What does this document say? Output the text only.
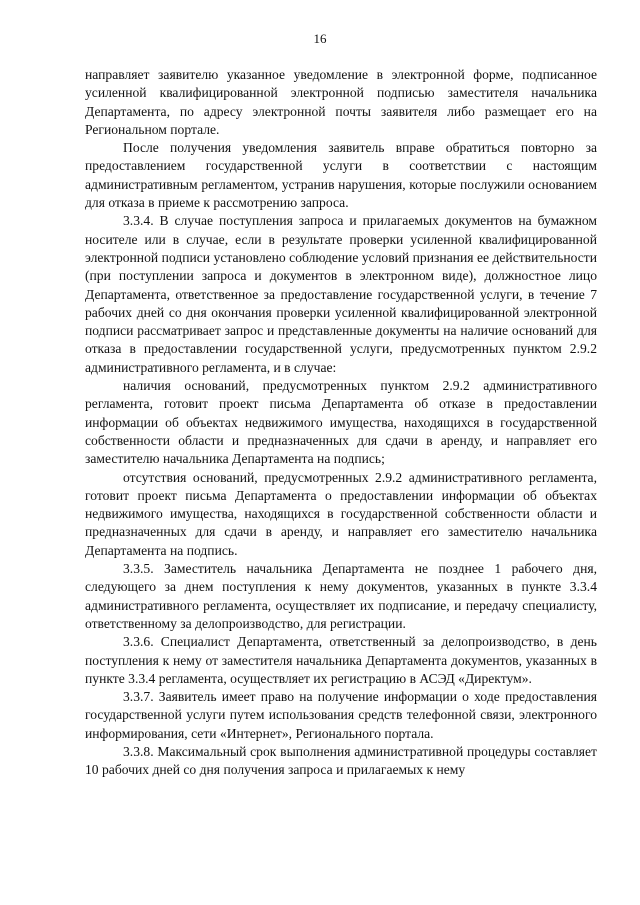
16

направляет заявителю указанное уведомление в электронной форме, подписанное усиленной квалифицированной электронной подписью заместителя начальника Департамента, по адресу электронной почты заявителя либо размещает его на Региональном портале.

После получения уведомления заявитель вправе обратиться повторно за предоставлением государственной услуги в соответствии с настоящим административным регламентом, устранив нарушения, которые послужили основанием для отказа в приеме к рассмотрению запроса.

3.3.4. В случае поступления запроса и прилагаемых документов на бумажном носителе или в случае, если в результате проверки усиленной квалифицированной электронной подписи установлено соблюдение условий признания ее действительности (при поступлении запроса и документов в электронном виде), должностное лицо Департамента, ответственное за предоставление государственной услуги, в течение 7 рабочих дней со дня окончания проверки усиленной квалифицированной электронной подписи рассматривает запрос и представленные документы на наличие оснований для отказа в предоставлении государственной услуги, предусмотренных пунктом 2.9.2 административного регламента, и в случае:

наличия оснований, предусмотренных пунктом 2.9.2 административного регламента, готовит проект письма Департамента об отказе в предоставлении информации об объектах недвижимого имущества, находящихся в государственной собственности области и предназначенных для сдачи в аренду, и направляет его заместителю начальника Департамента на подпись;

отсутствия оснований, предусмотренных 2.9.2 административного регламента, готовит проект письма Департамента о предоставлении информации об объектах недвижимого имущества, находящихся в государственной собственности области и предназначенных для сдачи в аренду, и направляет его заместителю начальника Департамента на подпись.

3.3.5. Заместитель начальника Департамента не позднее 1 рабочего дня, следующего за днем поступления к нему документов, указанных в пункте 3.3.4 административного регламента, осуществляет их подписание, и передачу специалисту, ответственному за делопроизводство, для регистрации.

3.3.6. Специалист Департамента, ответственный за делопроизводство, в день поступления к нему от заместителя начальника Департамента документов, указанных в пункте 3.3.4 регламента, осуществляет их регистрацию в АСЭД «Директум».

3.3.7. Заявитель имеет право на получение информации о ходе предоставления государственной услуги путем использования средств телефонной связи, электронного информирования, сети «Интернет», Регионального портала.

3.3.8. Максимальный срок выполнения административной процедуры составляет 10 рабочих дней со дня получения запроса и прилагаемых к нему
